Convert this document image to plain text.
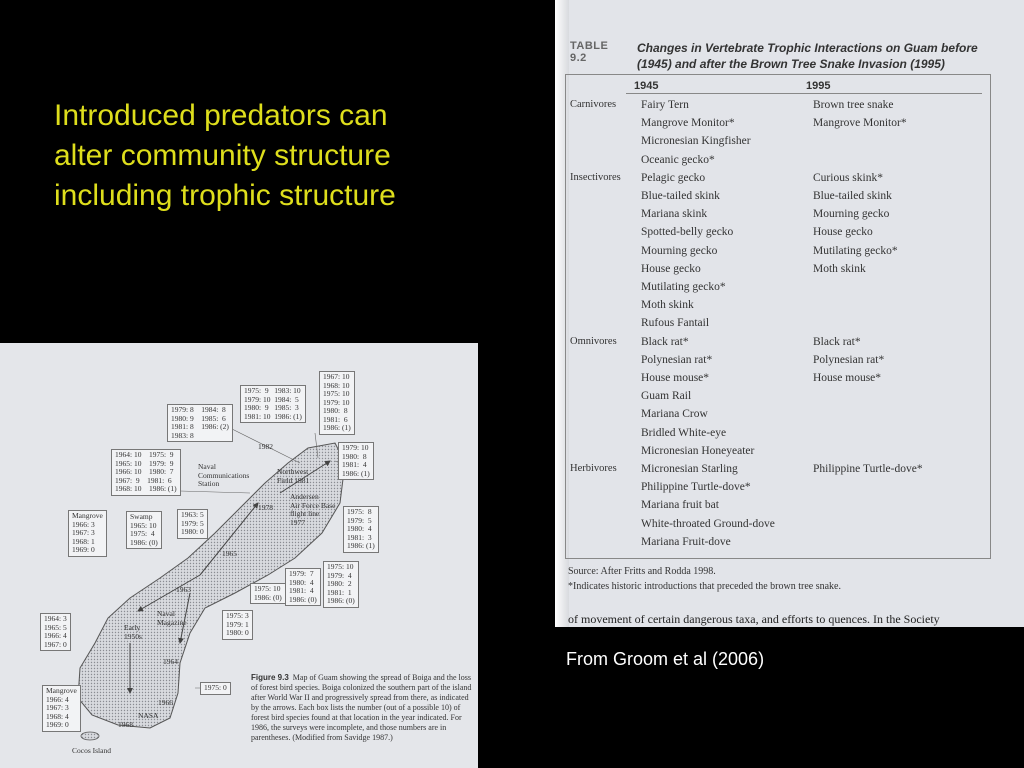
Introduced predators can
alter community structure
including trophic structure
TABLE 9.2
Changes in Vertebrate Trophic Interactions on Guam before (1945) and after the Brown Tree Snake Invasion (1995)
1945	1995
Carnivores Fairy Tern	Brown tree snake
Mangrove Monitor*	Mangrove Monitor*
Micronesian Kingfisher
Oceanic gecko*
Insectivores Pelagic gecko	Curious skink*
Blue-tailed skink	Blue-tailed skink
Mariana skink	Mourning gecko
Spotted-belly gecko	House gecko
Mourning gecko	Mutilating gecko*
House gecko	Moth skink
Mutilating gecko*
Moth skink
Rufous Fantail
Omnivores Black rat*	Black rat*
Polynesian rat*	Polynesian rat*
House mouse*	House mouse*
Guam Rail
Mariana Crow
Bridled White-eye
Micronesian Honeyeater
Herbivores Micronesian Starling	Philippine Turtle-dove*
Philippine Turtle-dove*
Mariana fruit bat
White-throated Ground-dove
Mariana Fruit-dove
Source: After Fritts and Rodda 1998.
*Indicates historic introductions that preceded the brown tree snake.
of movement of certain dangerous taxa, and efforts to quences. In the Society
1979: 8    1984:  8
1980: 9    1985:  6
1981: 8    1986: (2)
1983: 8
1975:  9   1983: 10
1979: 10  1984:  5
1980:  9   1985:  3
1981: 10  1986: (1)
1967: 10
1968: 10
1975: 10
1979: 10
1980:  8
1981:  6
1986: (1)
1964: 10    1975:  9
1965: 10    1979:  9
1966: 10    1980:  7
1967:  9    1981:  6
1968: 10    1986: (1)
1979: 10
1980:  8
1981:  4
1986: (1)
Mangrove
1966: 3
1967: 3
1968: 1
1969: 0
Swamp
1965: 10
1975:  4
1986: (0)
1963: 5
1979: 5
1980: 0
1975:  8
1979:  5
1980:  4
1981:  3
1986: (1)
1975: 10
1979:  4
1980:  2
1981:  1
1986: (0)
1979:  7
1980:  4
1981:  4
1986: (0)
1975: 10
1986: (0)
1975: 3
1979: 1
1980: 0
1964: 3
1965: 5
1966: 4
1967: 0
1975: 0
Mangrove
1966: 4
1967: 3
1968: 4
1969: 0
Naval
Communications
Station
Northwest
Field 1981
Andersen
Air Force Base
flight line
1977
Naval
Magazine
Early
1950s
NASA
Cocos Island
1982
1978
1965
1963
1964
1966
1968
Figure 9.3 Map of Guam showing the spread of Boiga and the loss of forest bird species. Boiga colonized the southern part of the island after World War II and progressively spread from there, as indicated by the arrows. Each box lists the number (out of a possible 10) of forest bird species found at that location in the year indicated. For 1986, the surveys were incomplete, and those numbers are in parentheses. (Modified from Savidge 1987.)
From Groom et al (2006)
